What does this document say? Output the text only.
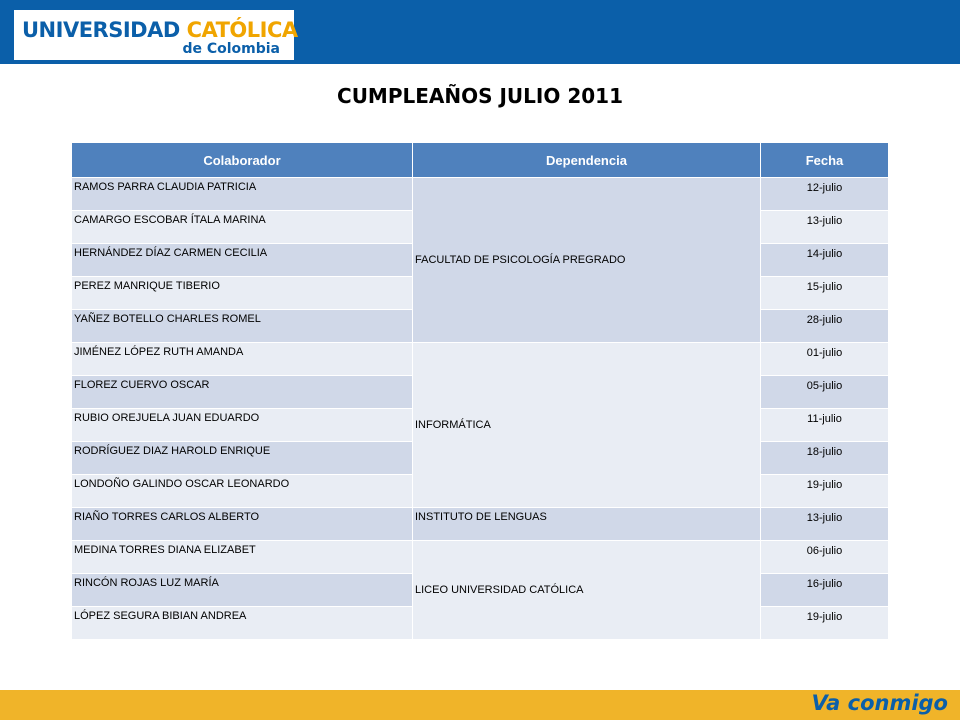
UNIVERSIDAD CATÓLICA

de Colombia
CUMPLEAÑOS JULIO 2011
Colaborador	Dependencia	Fecha
RAMOS PARRA CLAUDIA PATRICIA	FACULTAD DE PSICOLOGÍA PREGRADO	12-julio
CAMARGO ESCOBAR ÍTALA MARINA		13-julio
HERNÁNDEZ DÍAZ CARMEN CECILIA		14-julio
PEREZ MANRIQUE TIBERIO		15-julio
YAÑEZ BOTELLO CHARLES ROMEL		28-julio
JIMÉNEZ LÓPEZ RUTH AMANDA	INFORMÁTICA	01-julio
FLOREZ CUERVO OSCAR		05-julio
RUBIO OREJUELA JUAN EDUARDO		11-julio
RODRÍGUEZ DIAZ HAROLD ENRIQUE		18-julio
LONDOÑO GALINDO OSCAR LEONARDO		19-julio
RIAÑO TORRES CARLOS ALBERTO	INSTITUTO DE LENGUAS	13-julio
MEDINA TORRES DIANA ELIZABET	LICEO UNIVERSIDAD CATÓLICA	06-julio
RINCÓN ROJAS LUZ MARÍA		16-julio
LÓPEZ SEGURA BIBIAN ANDREA		19-julio
Va conmigo
